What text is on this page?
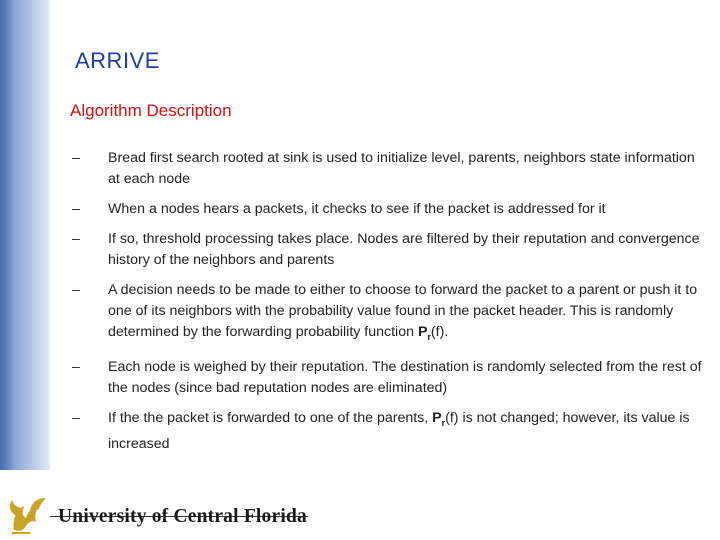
ARRIVE
Algorithm Description
–	Bread first search rooted at sink is used to initialize level, parents, neighbors state information at each node
–	When a nodes hears a packets, it checks to see if the packet is addressed for it
–	If so, threshold processing takes place. Nodes are filtered by their reputation and convergence history of the neighbors and parents
–	A decision needs to be made to either to choose to forward the packet to a parent or push it to one of its neighbors with the probability value found in the packet header. This is randomly determined by the forwarding probability function $P_r(f)$.
–	Each node is weighed by their reputation. The destination is randomly selected from the rest of the nodes (since bad reputation nodes are eliminated)
–	If the the packet is forwarded to one of the parents, $P_r(f)$ is not changed; however, its value is increased
University of Central Florida
